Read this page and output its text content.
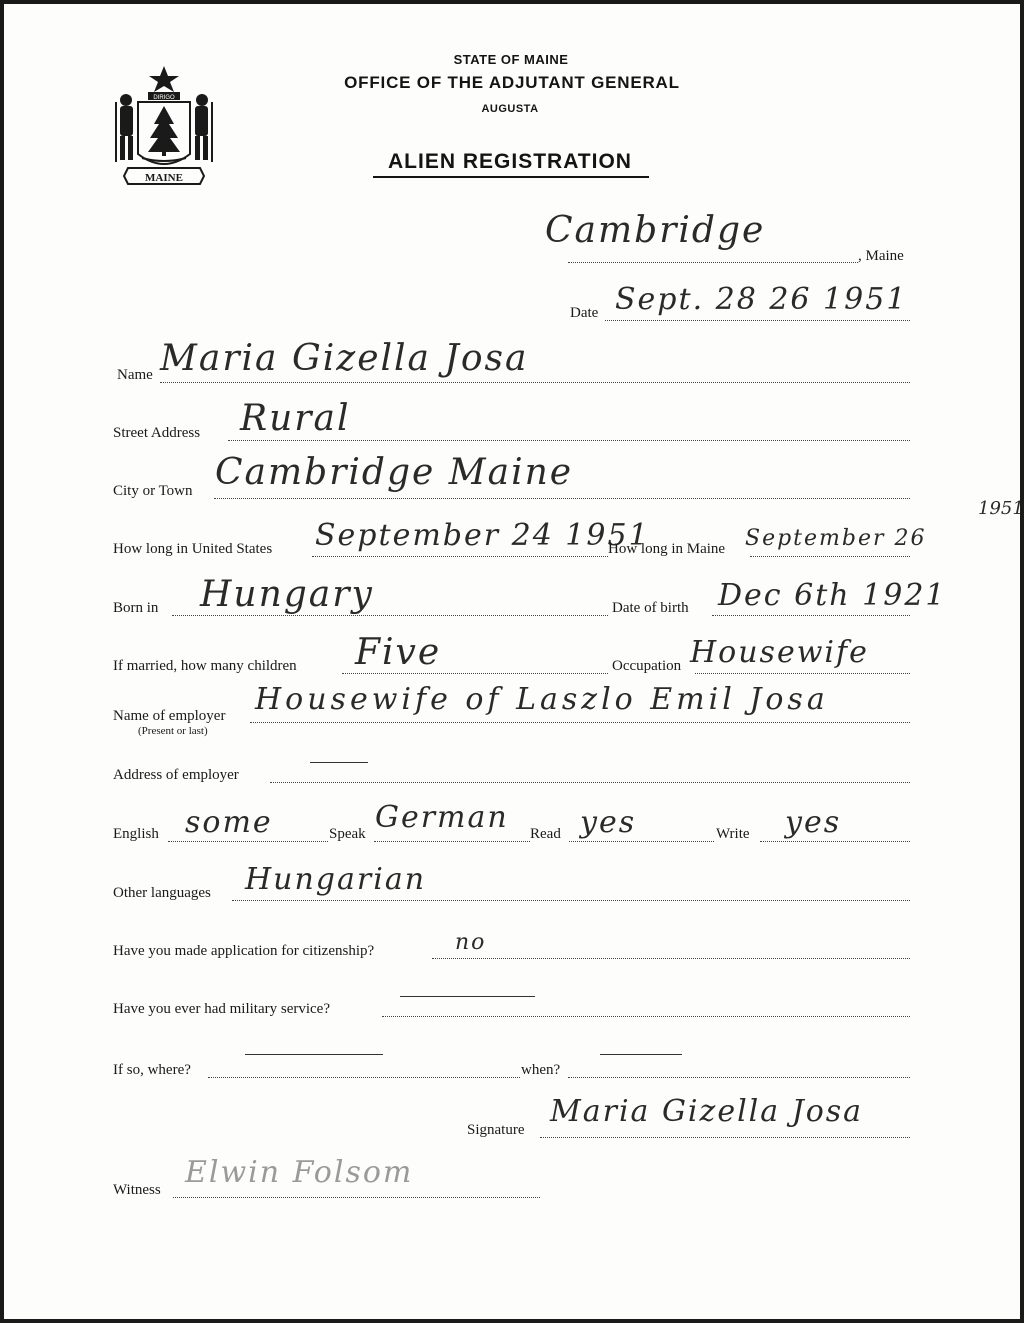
DIRIGO
MAINE
STATE OF MAINE
OFFICE OF THE ADJUTANT GENERAL
AUGUSTA
ALIEN REGISTRATION
Cambridge
, Maine
Date Sept. 28 26 1951
Name Maria Gizella Josa
Street Address Rural
City or Town Cambridge Maine
How long in United States September 24 1951
How long in Maine September 26
1951
Born in Hungary	Date of birth Dec 6th 1921
If married, how many children Five	Occupation Housewife
Name of employer
(Present or last)
Housewife of Laszlo Emil Josa
Address of employer
English some	Speak German Read yes	Write yes
Other languages Hungarian
Have you made application for citizenship?	no
Have you ever had military service?
If so, where?	when?
Signature
Maria Gizella Josa
Witness Elwin Folsom
